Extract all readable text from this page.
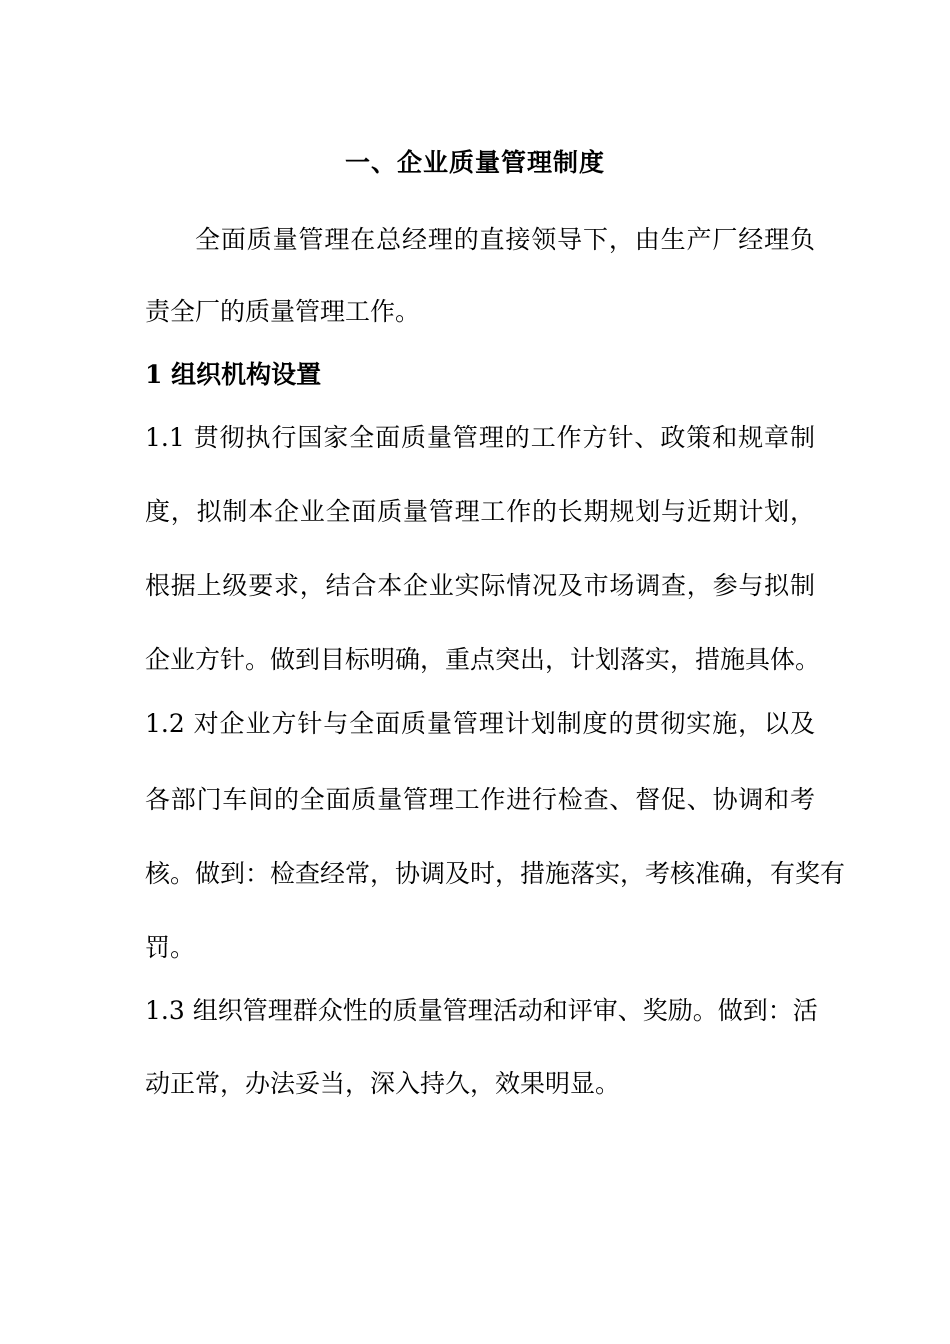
一、企业质量管理制度
全面质量管理在总经理的直接领导下，由生产厂经理负
责全厂的质量管理工作。
1 组织机构设置
1.1 贯彻执行国家全面质量管理的工作方针、政策和规章制
度，拟制本企业全面质量管理工作的长期规划与近期计划，
根据上级要求，结合本企业实际情况及市场调查，参与拟制
企业方针。做到目标明确，重点突出，计划落实，措施具体。
1.2 对企业方针与全面质量管理计划制度的贯彻实施，以及
各部门车间的全面质量管理工作进行检查、督促、协调和考
核。做到：检查经常，协调及时，措施落实，考核准确，有奖有
罚。
1.3 组织管理群众性的质量管理活动和评审、奖励。做到：活
动正常，办法妥当，深入持久，效果明显。
